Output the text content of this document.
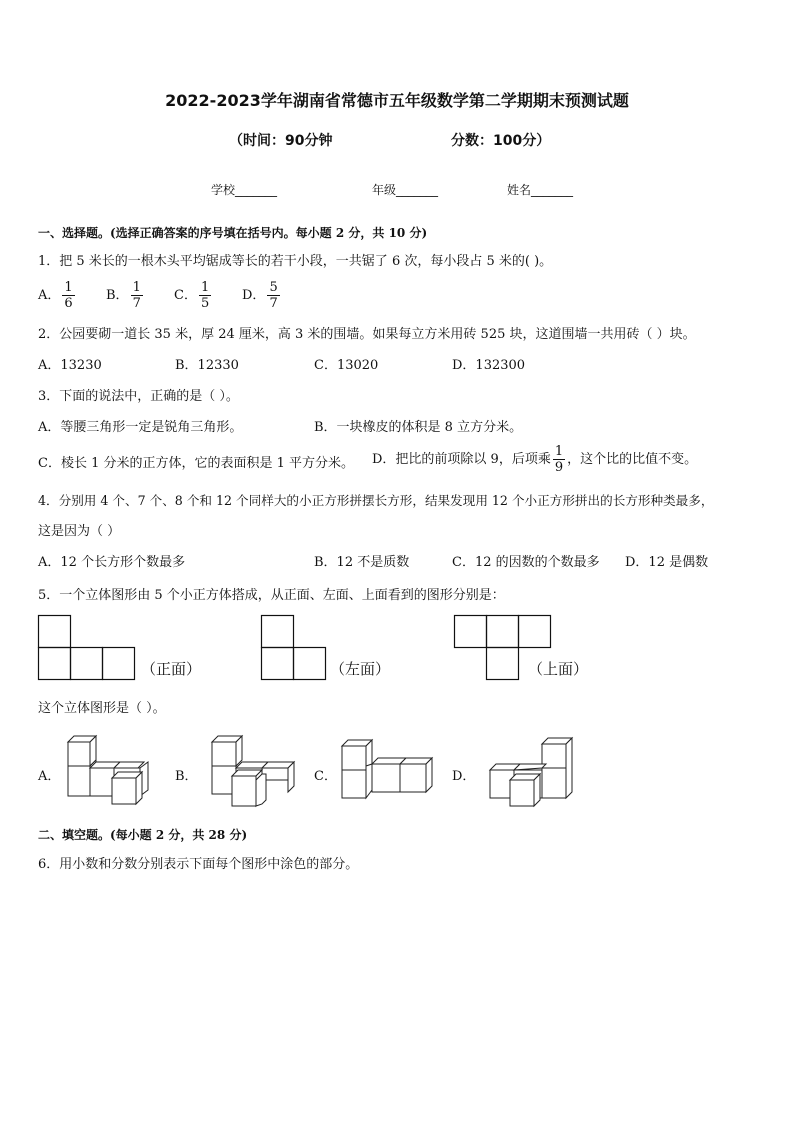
2022-2023学年湖南省常德市五年级数学第二学期期末预测试题
（时间：90分钟	分数：100分）
学校_______	年级_______	姓名_______
一、选择题。(选择正确答案的序号填在括号内。每小题 2 分，共 10 分)
1．把 5 米长的一根木头平均锯成等长的若干小段，一共锯了 6 次，每小段占 5 米的( )。
A． $\frac{1}{6}$ B． $\frac{1}{7}$ C． $\frac{1}{5}$ D． $\frac{5}{7}$
2．公园要砌一道长 35 米，厚 24 厘米，高 3 米的围墙。如果每立方米用砖 525 块，这道围墙一共用砖（ ）块。
A．13230	B．12330	C．13020	D．132300
3．下面的说法中，正确的是（ ）。
A．等腰三角形一定是锐角三角形。	B．一块橡皮的体积是 8 立方分米。
C．棱长 1 分米的正方体，它的表面积是 1 平方分米。 D．把比的前项除以 9，后项乘 $\frac{1}{9}$ ，这个比的比值不变。
4．分别用 4 个、7 个、8 个和 12 个同样大的小正方形拼摆长方形，结果发现用 12 个小正方形拼出的长方形种类最多，
这是因为（ ）
A．12 个长方形个数最多	B．12 不是质数	C．12 的因数的个数最多 D．12 是偶数
5．一个立体图形由 5 个小正方体搭成，从正面、左面、上面看到的图形分别是：
（正面）	（左面）	（上面）
这个立体图形是（ ）。
A．	B．	C．	D．
二、填空题。(每小题 2 分，共 28 分)
6．用小数和分数分别表示下面每个图形中涂色的部分。
